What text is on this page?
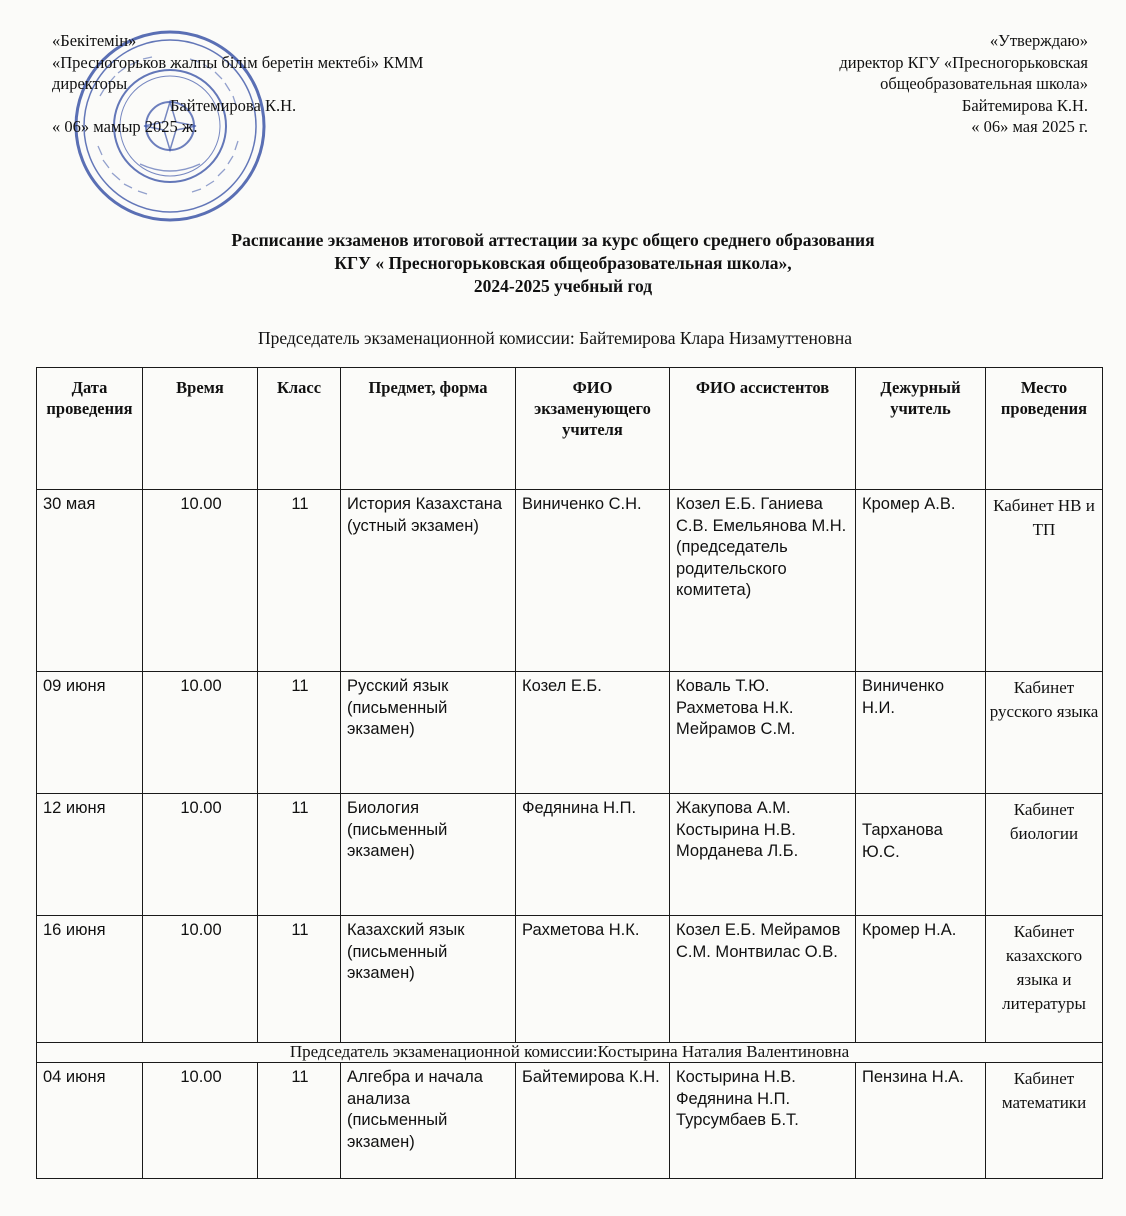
«Бекітемін»
«Пресногорьков жалпы білім беретін мектебі» КММ
директоры
Байтемирова К.Н.
« 06» мамыр 2025 ж.
«Утверждаю»
директор КГУ «Пресногорьковская
общеобразовательная школа»
Байтемирова К.Н.
« 06» мая 2025 г.
Расписание экзаменов итоговой аттестации за курс общего среднего образования
КГУ « Пресногорьковская общеобразовательная школа»,
2024-2025 учебный год
Председатель экзаменационной комиссии: Байтемирова Клара Низамуттеновна
Дата проведения	Время	Класс	Предмет, форма	ФИО экзаменующего учителя	ФИО ассистентов	Дежурный учитель	Место проведения
30 мая	10.00	11	История Казахстана (устный экзамен)	Виниченко С.Н.	Козел Е.Б. Ганиева С.В. Емельянова М.Н. (председатель родительского комитета)	Кромер А.В.	Кабинет НВ и ТП
09 июня	10.00	11	Русский язык (письменный экзамен)	Козел Е.Б.	Коваль Т.Ю. Рахметова Н.К. Мейрамов С.М.	Виниченко Н.И.	Кабинет русского языка
12 июня	10.00	11	Биология (письменный экзамен)	Федянина Н.П.	Жакупова А.М. Костырина Н.В. Морданева Л.Б.	Тарханова Ю.С.	Кабинет биологии
16 июня	10.00	11	Казахский язык (письменный экзамен)	Рахметова Н.К.	Козел Е.Б. Мейрамов С.М. Монтвилас О.В.	Кромер Н.А.	Кабинет казахского языка и литературы
Председатель экзаменационной комиссии:Костырина Наталия Валентиновна							
04 июня	10.00	11	Алгебра и начала анализа (письменный экзамен)	Байтемирова К.Н.	Костырина Н.В. Федянина Н.П. Турсумбаев Б.Т.	Пензина Н.А.	Кабинет математики
